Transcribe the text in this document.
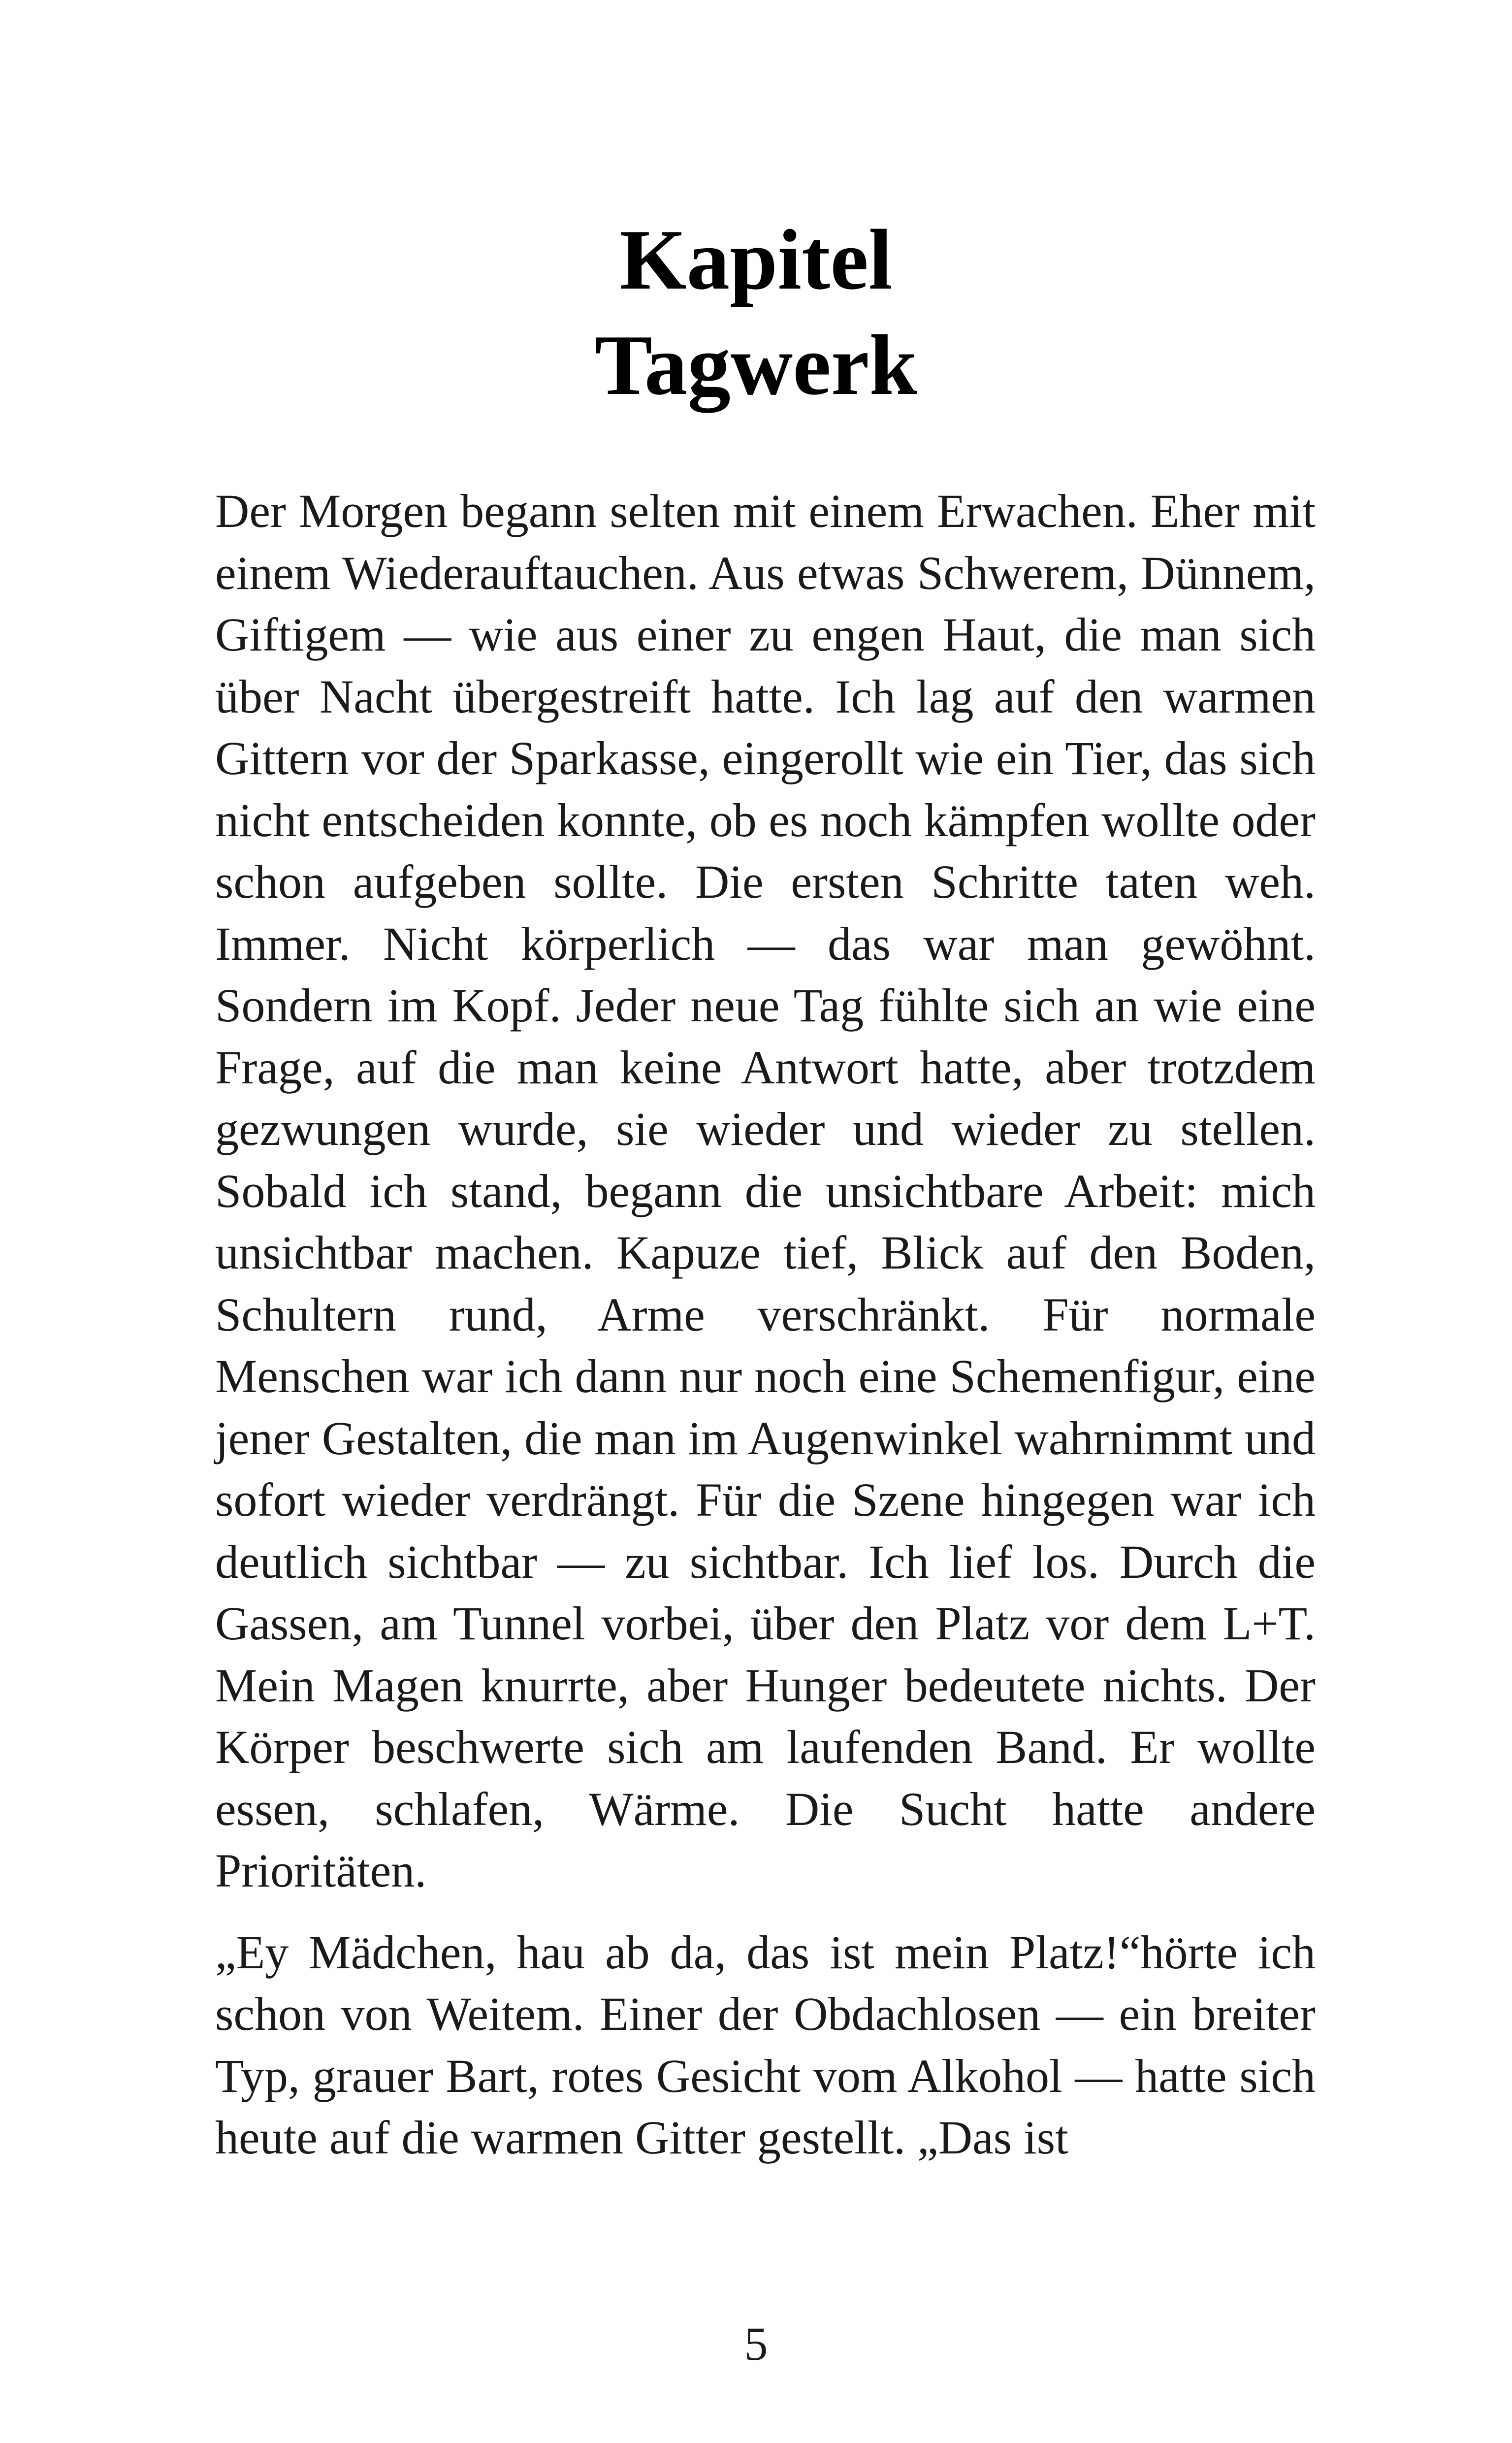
Kapitel
Tagwerk

Der Morgen begann selten mit einem Erwachen. Eher mit einem Wiederauftauchen. Aus etwas Schwerem, Dünnem, Giftigem — wie aus einer zu engen Haut, die man sich über Nacht übergestreift hatte. Ich lag auf den warmen Gittern vor der Sparkasse, eingerollt wie ein Tier, das sich nicht entscheiden konnte, ob es noch kämpfen wollte oder schon aufgeben sollte. Die ersten Schritte taten weh. Immer. Nicht körperlich — das war man gewöhnt. Sondern im Kopf. Jeder neue Tag fühlte sich an wie eine Frage, auf die man keine Antwort hatte, aber trotzdem gezwungen wurde, sie wieder und wieder zu stellen. Sobald ich stand, begann die unsichtbare Arbeit: mich unsichtbar machen. Kapuze tief, Blick auf den Boden, Schultern rund, Arme verschränkt. Für normale Menschen war ich dann nur noch eine Schemenfigur, eine jener Gestalten, die man im Augenwinkel wahrnimmt und sofort wieder verdrängt. Für die Szene hingegen war ich deutlich sichtbar — zu sichtbar. Ich lief los. Durch die Gassen, am Tunnel vorbei, über den Platz vor dem L+T. Mein Magen knurrte, aber Hunger bedeutete nichts. Der Körper beschwerte sich am laufenden Band. Er wollte essen, schlafen, Wärme. Die Sucht hatte andere Prioritäten.

„Ey Mädchen, hau ab da, das ist mein Platz!“hörte ich schon von Weitem. Einer der Obdachlosen — ein breiter Typ, grauer Bart, rotes Gesicht vom Alkohol — hatte sich heute auf die warmen Gitter gestellt. „Das ist

5
